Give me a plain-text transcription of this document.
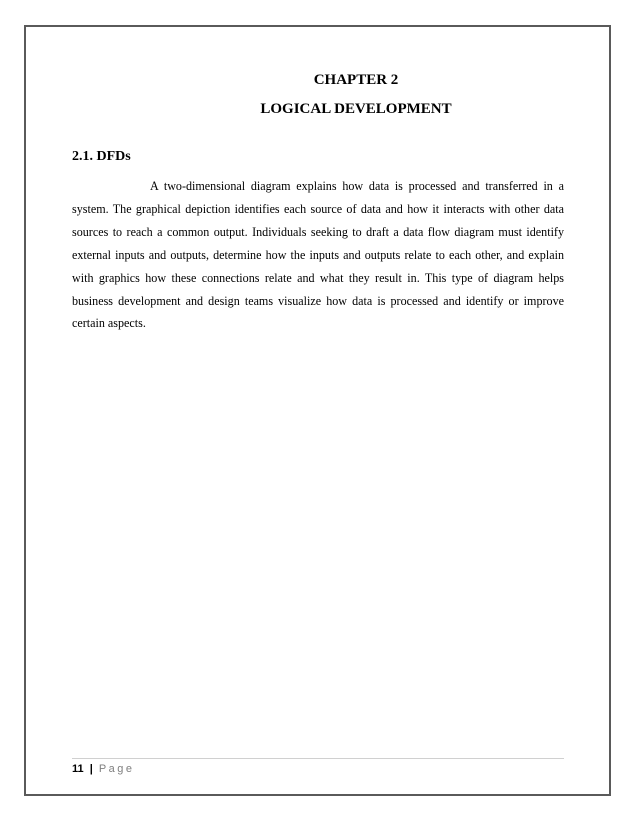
CHAPTER 2
LOGICAL DEVELOPMENT
2.1. DFDs

A two-dimensional diagram explains how data is processed and transferred in a system. The graphical depiction identifies each source of data and how it interacts with other data sources to reach a common output. Individuals seeking to draft a data flow diagram must identify external inputs and outputs, determine how the inputs and outputs relate to each other, and explain with graphics how these connections relate and what they result in. This type of diagram helps business development and design teams visualize how data is processed and identify or improve certain aspects.

11 | Page
